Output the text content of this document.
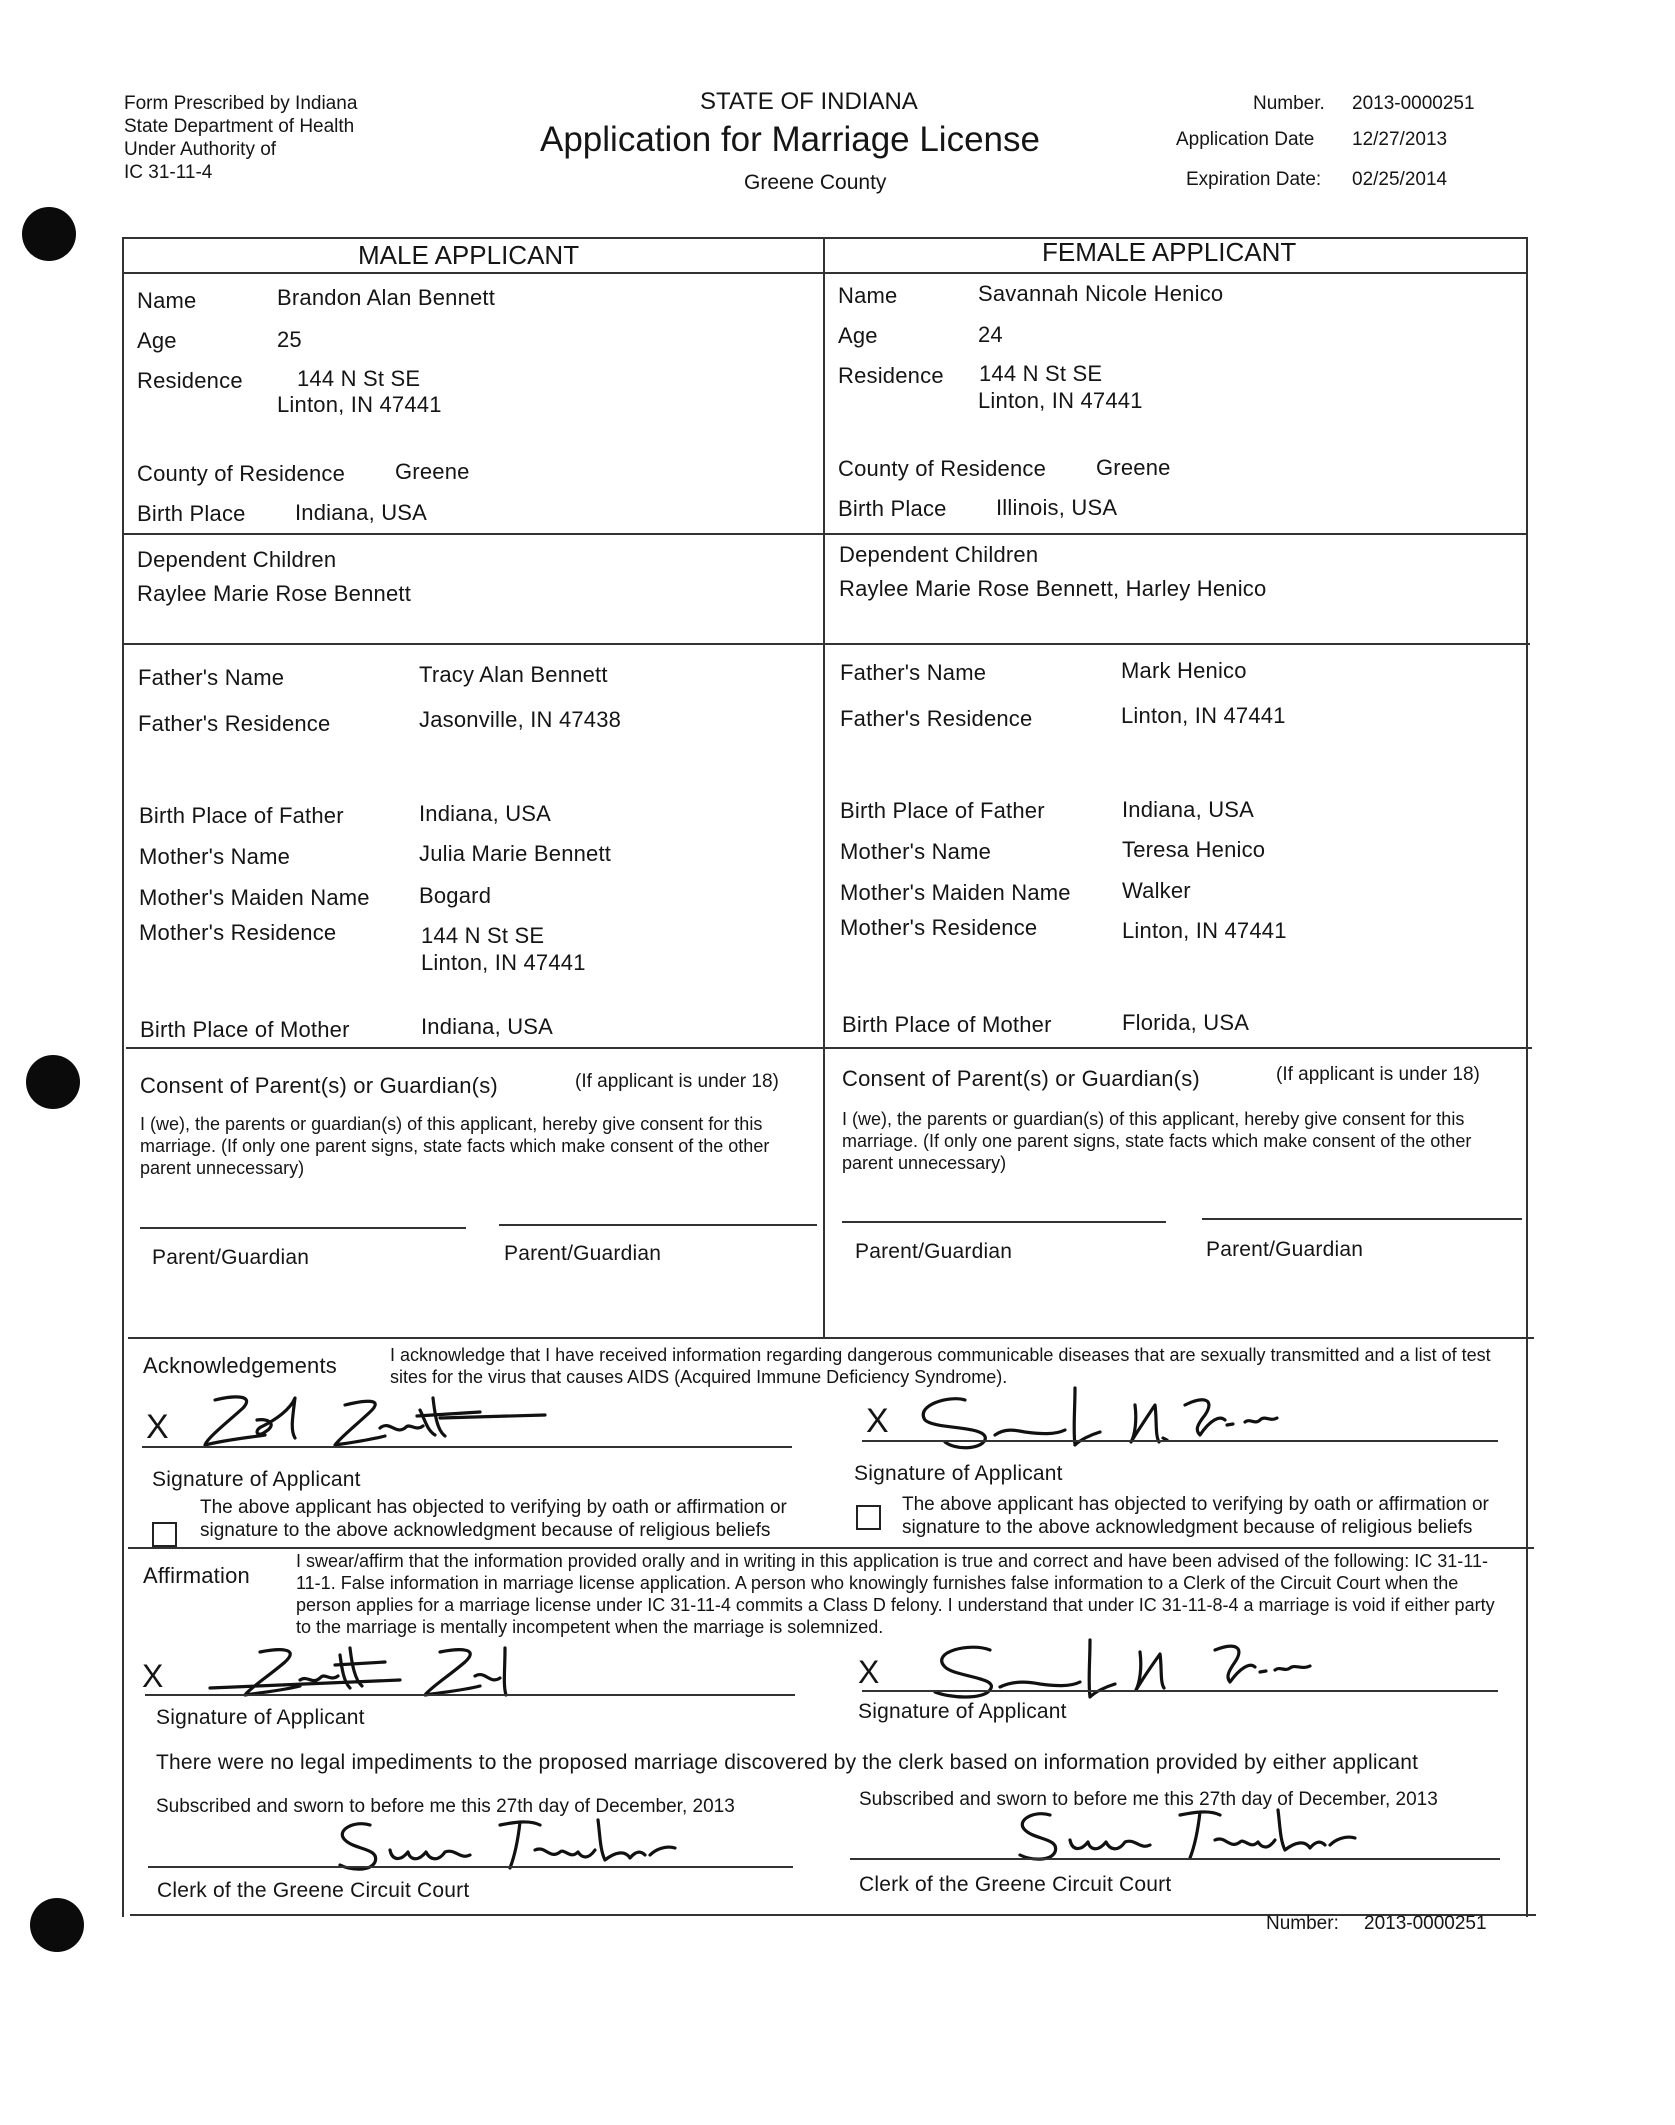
Form Prescribed by Indiana
State Department of Health
Under Authority of
IC 31-11-4
STATE OF INDIANA
Application for Marriage License
Greene County
Number. 2013-0000251
Application Date 12/27/2013
Expiration Date: 02/25/2014
MALE APPLICANT	FEMALE APPLICANT
Name	Brandon Alan Bennett
Age	25
Residence 144 N St SE
Linton, IN 47441
County of Residence Greene
Birth Place Indiana, USA
Dependent Children
Raylee Marie Rose Bennett
Father's Name	Tracy Alan Bennett
Father's Residence	Jasonville, IN 47438
Birth Place of Father	Indiana, USA
Mother's Name	Julia Marie Bennett
Mother's Maiden Name Bogard
Mother's Residence	144 N St SE
Linton, IN 47441
Birth Place of Mother	Indiana, USA
Name	Savannah Nicole Henico
Age	24
Residence 144 N St SE
Linton, IN 47441
County of Residence Greene
Birth Place Illinois, USA
Dependent Children
Raylee Marie Rose Bennett, Harley Henico
Father's Name	Mark Henico
Father's Residence	Linton, IN 47441
Birth Place of Father	Indiana, USA
Mother's Name	Teresa Henico
Mother's Maiden Name Walker
Mother's Residence	Linton, IN 47441
Birth Place of Mother	Florida, USA
Consent of Parent(s) or Guardian(s)	(If applicant is under 18)
I (we), the parents or guardian(s) of this applicant, hereby give consent for this marriage. (If only one parent signs, state facts which make consent of the other parent unnecessary)
Parent/Guardian	Parent/Guardian
Consent of Parent(s) or Guardian(s)	(If applicant is under 18)
I (we), the parents or guardian(s) of this applicant, hereby give consent for this marriage. (If only one parent signs, state facts which make consent of the other parent unnecessary)
Parent/Guardian	Parent/Guardian
Acknowledgements	I acknowledge that I have received information regarding dangerous communicable diseases that are sexually transmitted and a list of test sites for the virus that causes AIDS (Acquired Immune Deficiency Syndrome).
X
Signature of Applicant
The above applicant has objected to verifying by oath or affirmation or signature to the above acknowledgment because of religious beliefs
X
Signature of Applicant
The above applicant has objected to verifying by oath or affirmation or signature to the above acknowledgment because of religious beliefs
Affirmation
I swear/affirm that the information provided orally and in writing in this application is true and correct and have been advised of the following: IC 31-11-11-1. False information in marriage license application. A person who knowingly furnishes false information to a Clerk of the Circuit Court when the person applies for a marriage license under IC 31-11-4 commits a Class D felony. I understand that under IC 31-11-8-4 a marriage is void if either party to the marriage is mentally incompetent when the marriage is solemnized.
X
Signature of Applicant
X
Signature of Applicant
There were no legal impediments to the proposed marriage discovered by the clerk based on information provided by either applicant
Subscribed and sworn to before me this 27th day of December, 2013
Clerk of the Greene Circuit Court
Subscribed and sworn to before me this 27th day of December, 2013
Clerk of the Greene Circuit Court
Number: 2013-0000251
